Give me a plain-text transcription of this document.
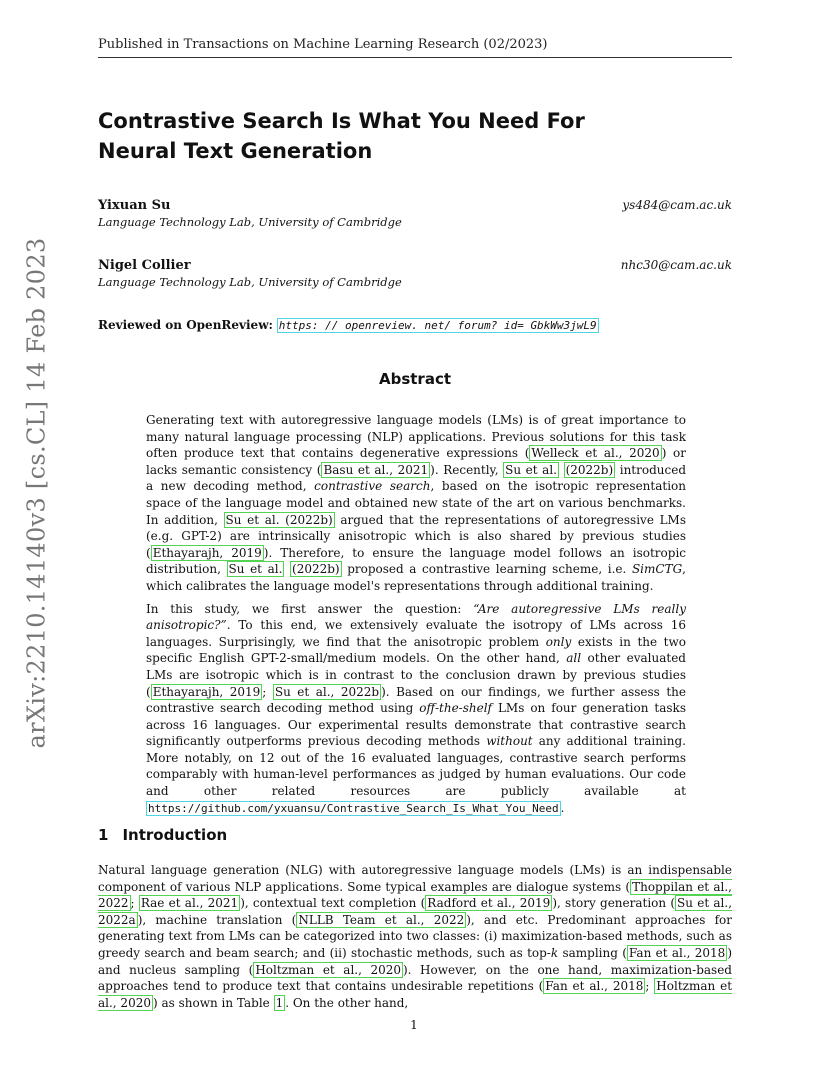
Published in Transactions on Machine Learning Research (02/2023)
arXiv:2210.14140v3 [cs.CL] 14 Feb 2023
Contrastive Search Is What You Need For
Neural Text Generation
Yixuan Su	ys484@cam.ac.uk
Language Technology Lab, University of Cambridge
Nigel Collier	nhc30@cam.ac.uk
Language Technology Lab, University of Cambridge
Reviewed on OpenReview: https: // openreview. net/ forum? id= GbkWw3jwL9
Abstract

Generating text with autoregressive language models (LMs) is of great importance to many natural language processing (NLP) applications. Previous solutions for this task often produce text that contains degenerative expressions ( Welleck et al., 2020 ) or lacks semantic consistency ( Basu et al., 2021 ). Recently, Su et al. (2022b) introduced a new decoding method, contrastive search, based on the isotropic representation space of the language model and obtained new state of the art on various benchmarks. In addition, Su et al. (2022b) argued that the representations of autoregressive LMs (e.g. GPT-2) are intrinsically anisotropic which is also shared by previous studies ( Ethayarajh, 2019 ). Therefore, to ensure the language model follows an isotropic distribution, Su et al. (2022b) proposed a contrastive learning scheme, i.e. SimCTG, which calibrates the language model's representations through additional training.

In this study, we first answer the question: “Are autoregressive LMs really anisotropic?”. To this end, we extensively evaluate the isotropy of LMs across 16 languages. Surprisingly, we find that the anisotropic problem only exists in the two specific English GPT-2-small/medium models. On the other hand, all other evaluated LMs are isotropic which is in contrast to the conclusion drawn by previous studies ( Ethayarajh, 2019 ; Su et al., 2022b ). Based on our findings, we further assess the contrastive search decoding method using off-the-shelf LMs on four generation tasks across 16 languages. Our experimental results demonstrate that contrastive search significantly outperforms previous decoding methods without any additional training. More notably, on 12 out of the 16 evaluated languages, contrastive search performs comparably with human-level performances as judged by human evaluations. Our code and other related resources are publicly available at https://github.com/yxuansu/Contrastive_Search_Is_What_You_Need .

1 Introduction

Natural language generation (NLG) with autoregressive language models (LMs) is an indispensable component of various NLP applications. Some typical examples are dialogue systems ( Thoppilan et al., 2022 ; Rae et al., 2021 ), contextual text completion ( Radford et al., 2019 ), story generation ( Su et al., 2022a ), machine translation ( NLLB Team et al., 2022 ), and etc. Predominant approaches for generating text from LMs can be categorized into two classes: (i) maximization-based methods, such as greedy search and beam search; and (ii) stochastic methods, such as top-k sampling ( Fan et al., 2018 ) and nucleus sampling ( Holtzman et al., 2020 ). However, on the one hand, maximization-based approaches tend to produce text that contains undesirable repetitions ( Fan et al., 2018 ; Holtzman et al., 2020 ) as shown in Table 1 . On the other hand,

1
